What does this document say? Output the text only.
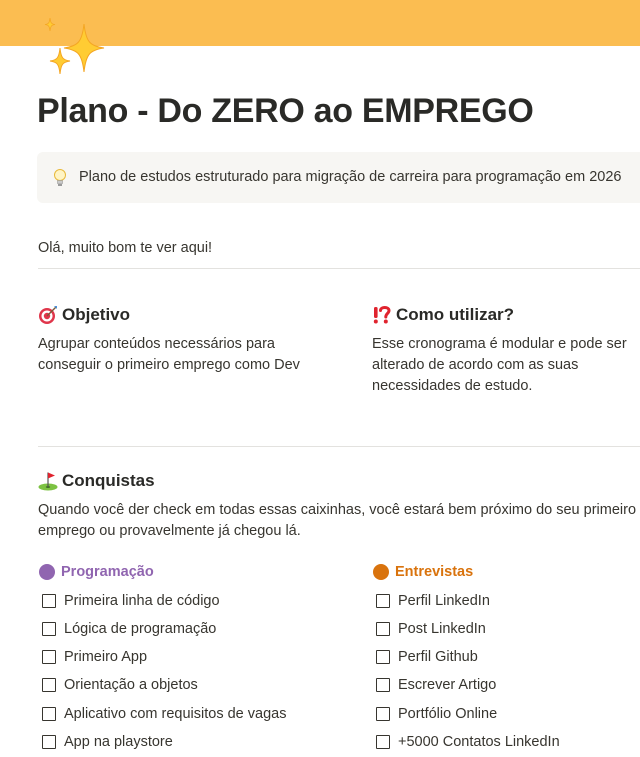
Plano - Do ZERO ao EMPREGO
Plano de estudos estruturado para migração de carreira para programação em 2026

Olá, muito bom te ver aqui!

Objetivo
Agrupar conteúdos necessários para
conseguir o primeiro emprego como Dev
Como utilizar?
Esse cronograma é modular e pode ser
alterado de acordo com as suas
necessidades de estudo.
Conquistas
Quando você der check em todas essas caixinhas, você estará bem próximo do seu primeiro
emprego ou provavelmente já chegou lá.
Programação
Primeira linha de código
Lógica de programação
Primeiro App
Orientação a objetos
Aplicativo com requisitos de vagas
App na playstore
Entrevistas
Perfil LinkedIn
Post LinkedIn
Perfil Github
Escrever Artigo
Portfólio Online
+5000 Contatos LinkedIn
